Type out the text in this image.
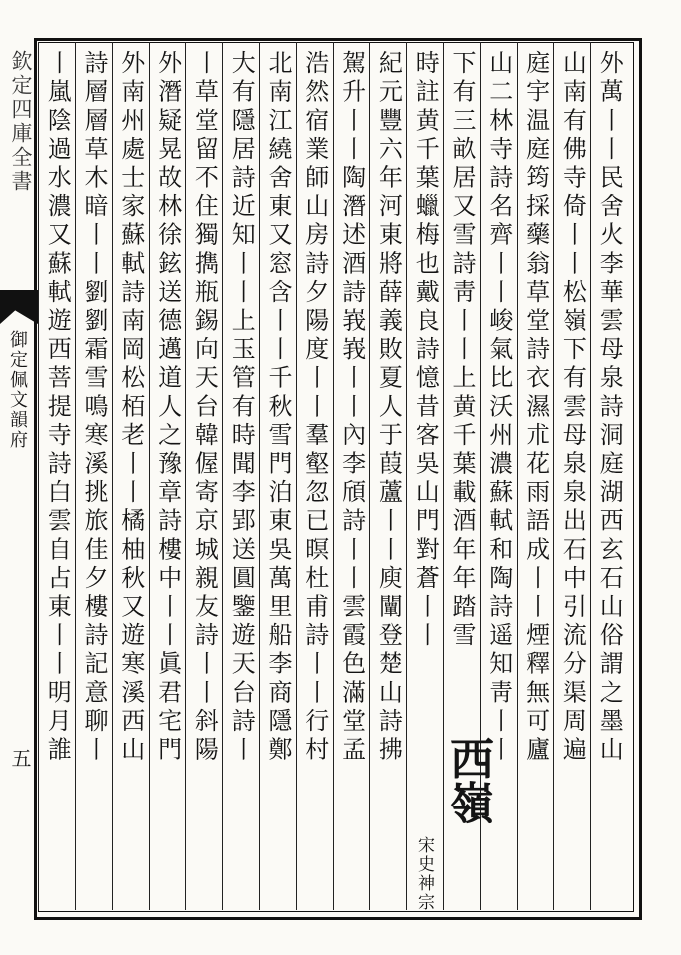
欽定四庫全書
御定佩文韻府
五	外萬丨丨民舍火李華雲母泉詩洞庭湖西玄石山俗謂之墨山
山南有佛寺倚丨丨松嶺下有雲母泉泉出石中引流分渠周遍
庭宇温庭筠採藥翁草堂詩衣濕朮花雨語成丨丨煙釋無可廬
山二林寺詩名齊丨丨峻氣比沃州濃蘇軾和陶詩遥知靑丨丨
下有三畝居又雪詩靑丨丨上黄千葉載酒年年踏雪
時註黄千葉蠟梅也戴良詩憶昔客吳山門對蒼丨丨
紀元豐六年河東將薛義敗夏人于葭蘆丨丨庾闡登楚山詩拂
駕升丨丨陶潛述酒詩峩峩丨丨內李頎詩丨丨雲霞色滿堂孟
浩然宿業師山房詩夕陽度丨丨羣壑忽已暝杜甫詩丨丨行村
北南江繞舍東又窓含丨丨千秋雪門泊東吳萬里船李商隱鄭
大有隱居詩近知丨丨上玉管有時聞李郢送圓鑒遊天台詩丨
丨草堂留不住獨擕瓶錫向天台韓偓寄京城親友詩丨丨斜陽
外潛疑晃故林徐鉉送德邁道人之豫章詩樓中丨丨眞君宅門
外南州處士家蘇軾詩南岡松栢老丨丨橘柚秋又遊寒溪西山
詩層層草木暗丨丨劉劉霜雪鳴寒溪挑旅佳夕樓詩記意聊丨
丨嵐陰過水濃又蘇軾遊西菩提寺詩白雲自占東丨丨明月誰
西嶺
宋史神宗
